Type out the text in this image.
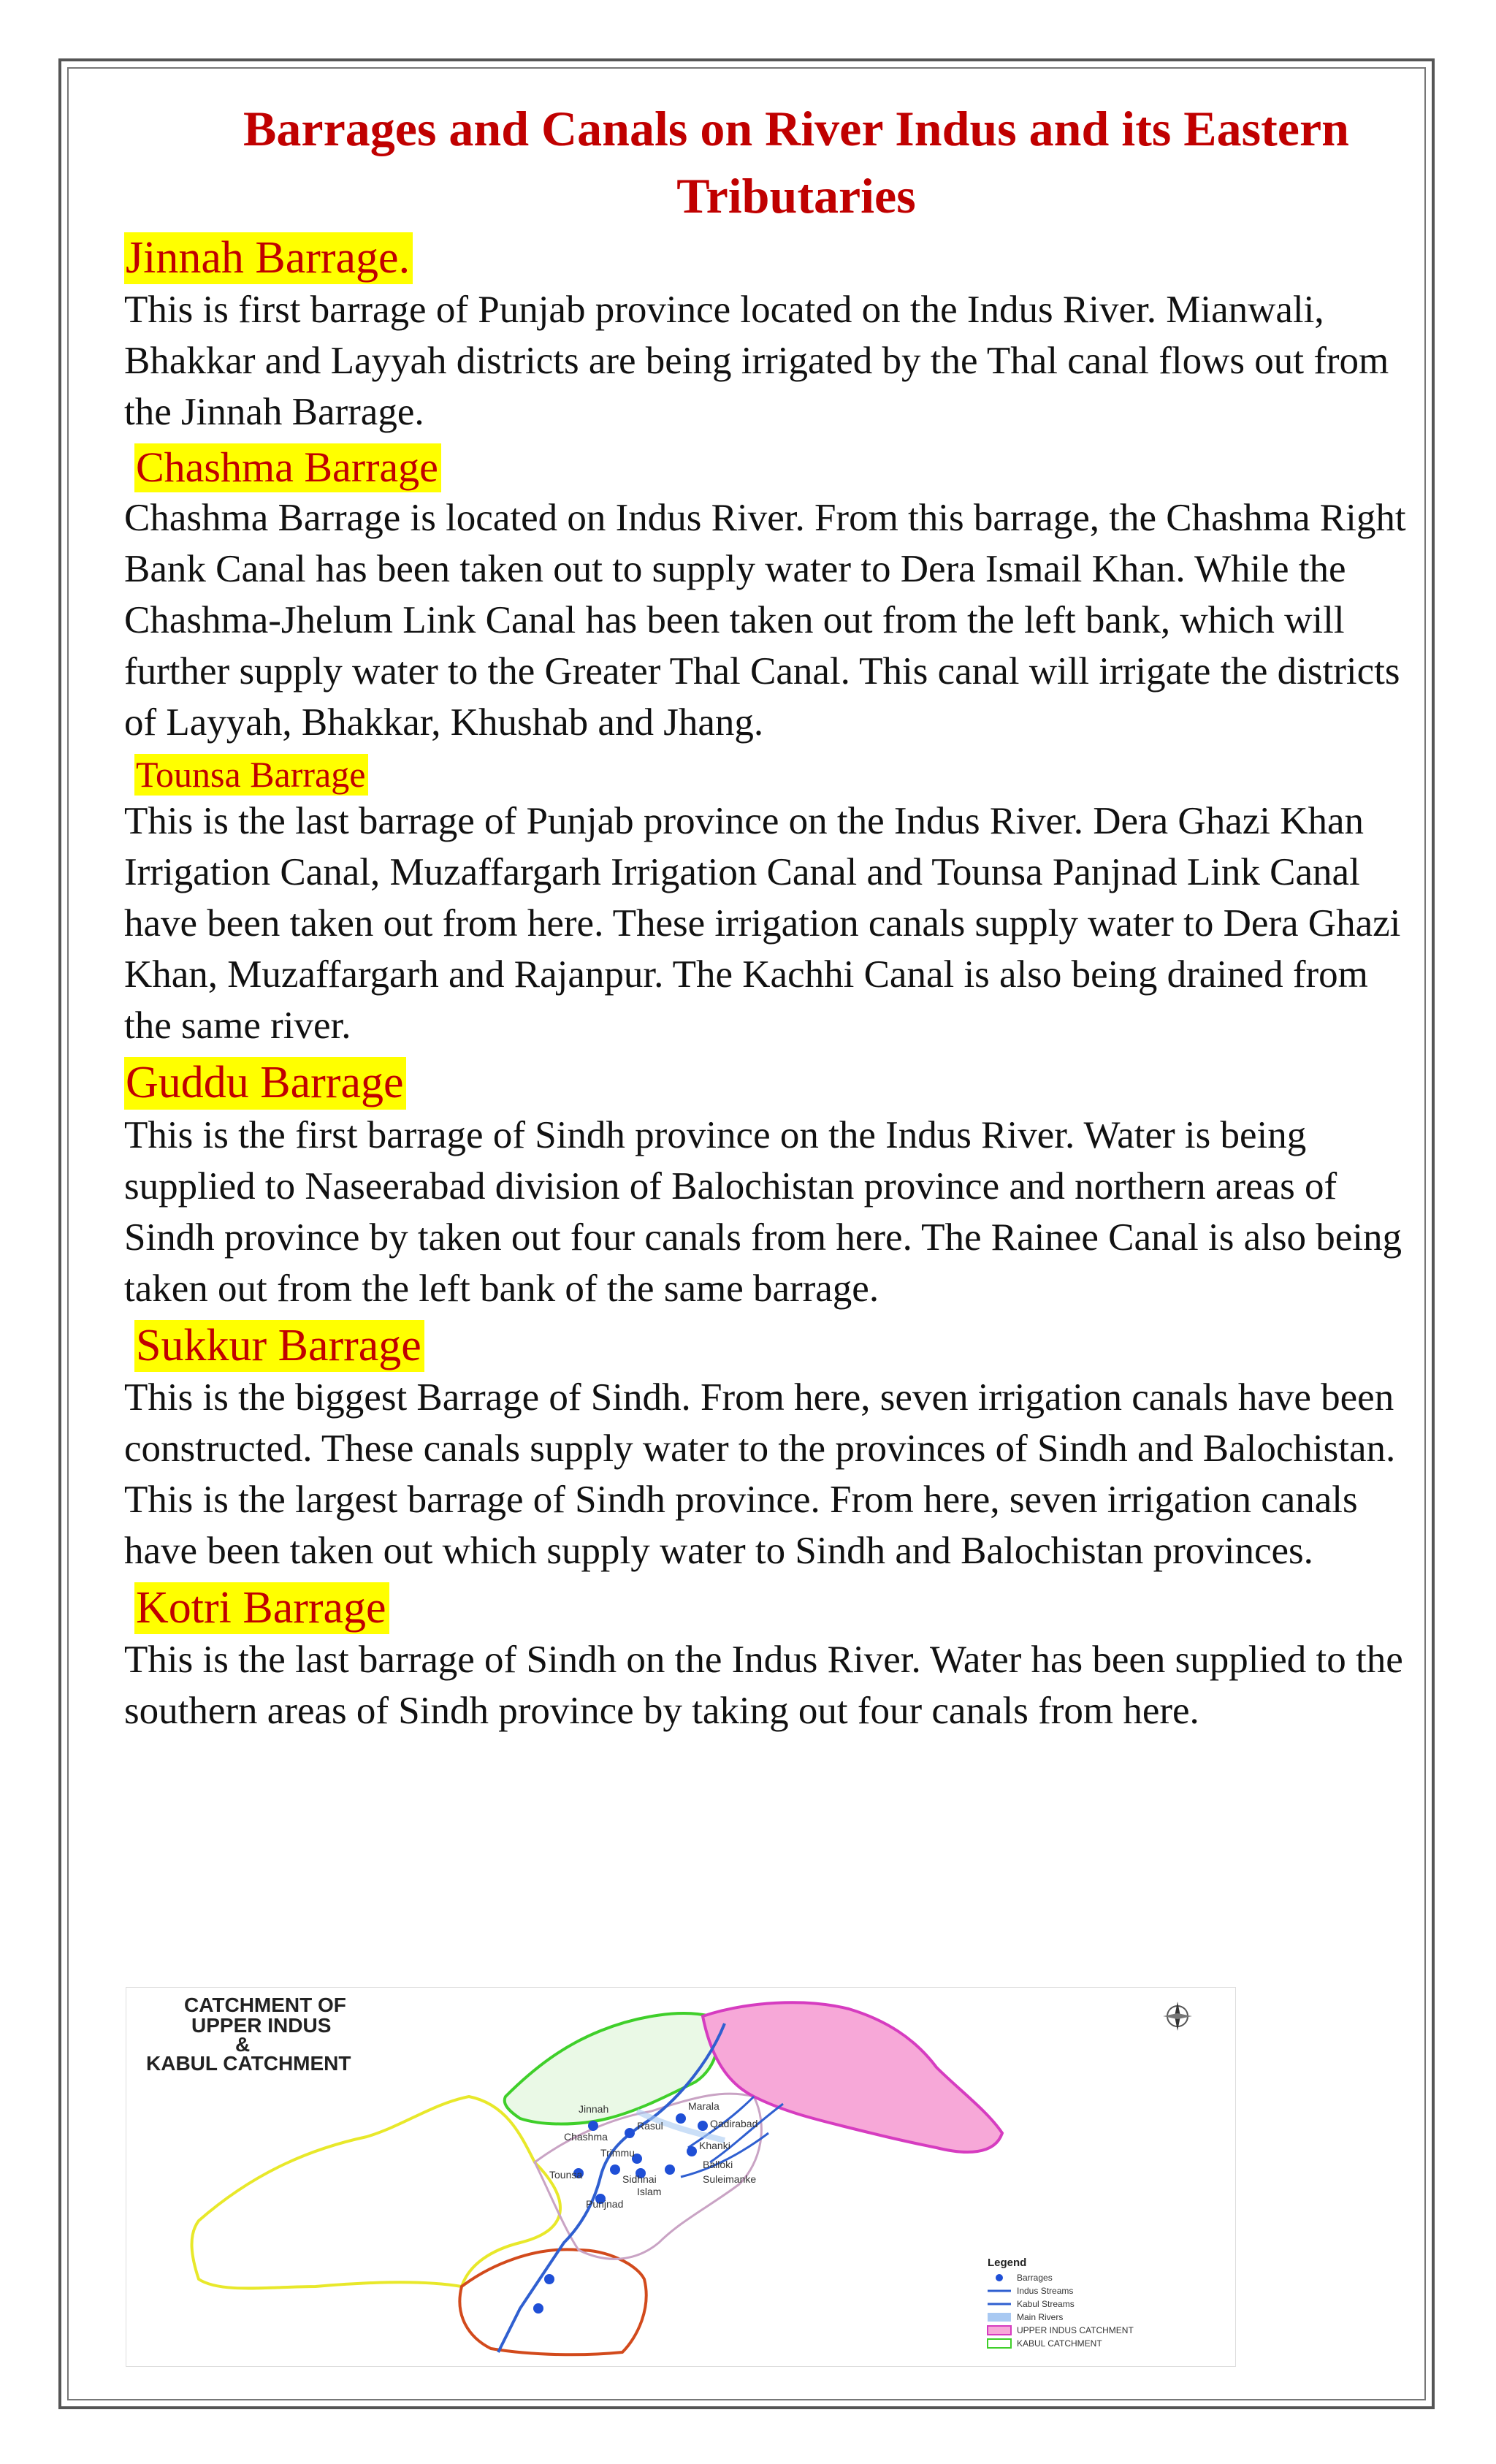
Barrages and Canals on River Indus and its Eastern Tributaries
Jinnah Barrage.

This is first barrage of Punjab province located on the Indus River. Mianwali, Bhakkar and Layyah districts are being irrigated by the Thal canal flows out from the Jinnah Barrage.

Chashma Barrage

Chashma Barrage is located on Indus River. From this barrage, the Chashma Right Bank Canal has been taken out to supply water to Dera Ismail Khan. While the Chashma-Jhelum Link Canal has been taken out from the left bank, which will further supply water to the Greater Thal Canal. This canal will irrigate the districts of Layyah, Bhakkar, Khushab and Jhang.

Tounsa Barrage

This is the last barrage of Punjab province on the Indus River. Dera Ghazi Khan Irrigation Canal, Muzaffargarh Irrigation Canal and Tounsa Panjnad Link Canal have been taken out from here. These irrigation canals supply water to Dera Ghazi Khan, Muzaffargarh and Rajanpur. The Kachhi Canal is also being drained from the same river.

Guddu Barrage

This is the first barrage of Sindh province on the Indus River. Water is being supplied to Naseerabad division of Balochistan province and northern areas of Sindh province by taken out four canals from here. The Rainee Canal is also being taken out from the left bank of the same barrage.

Sukkur Barrage

This is the biggest Barrage of Sindh. From here, seven irrigation canals have been constructed. These canals supply water to the provinces of Sindh and Balochistan. This is the largest barrage of Sindh province. From here, seven irrigation canals have been taken out which supply water to Sindh and Balochistan provinces.

Kotri Barrage

This is the last barrage of Sindh on the Indus River. Water has been supplied to the southern areas of Sindh province by taking out four canals from here.

CATCHMENT OF
UPPER INDUS
&
KABUL CATCHMENT
Jinnah
Chashma
Rasul
Marala
Qadirabad
Khanki
Balloki
Trimmu
Sidhnai	Suleimanke
Tounsa
Islam
Punjnad
Legend
Barrages
Indus Streams
Kabul Streams
Main Rivers
UPPER INDUS CATCHMENT
KABUL CATCHMENT
